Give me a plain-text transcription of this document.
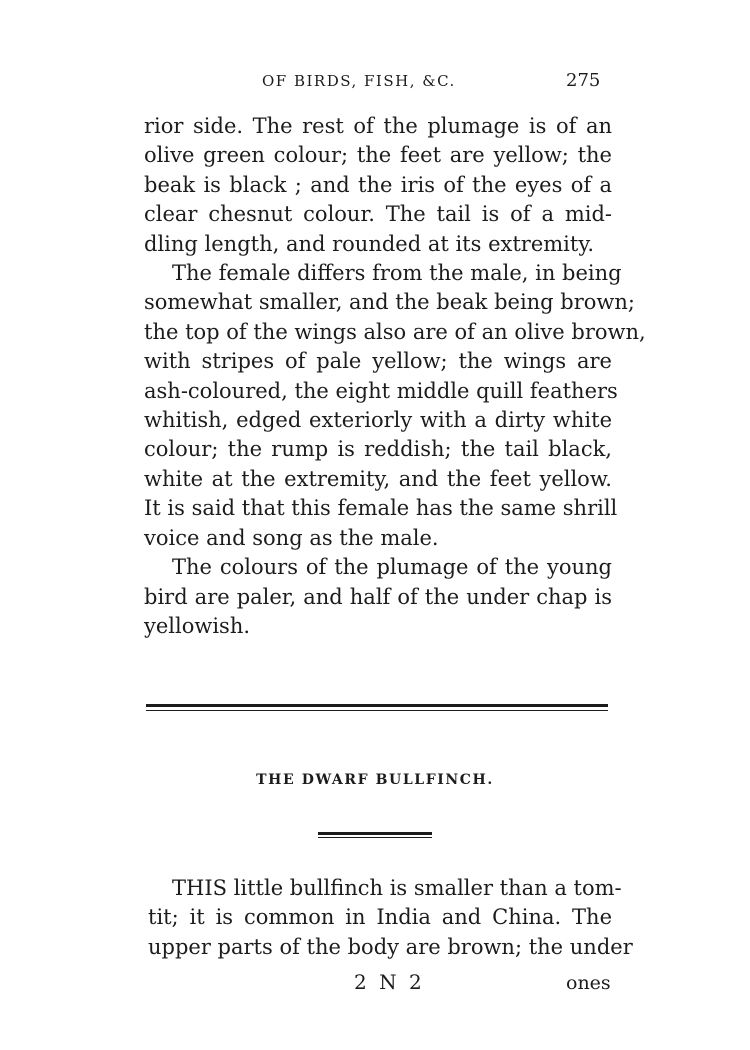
OF BIRDS, FISH, &C.	275

rior side. The rest of the plumage is of an

olive green colour; the feet are yellow; the

beak is black ; and the iris of the eyes of a

clear chesnut colour. The tail is of a mid-

dling length, and rounded at its extremity.

The female differs from the male, in being

somewhat smaller, and the beak being brown;

the top of the wings also are of an olive brown,

with stripes of pale yellow; the wings are

ash-coloured, the eight middle quill feathers

whitish, edged exteriorly with a dirty white

colour; the rump is reddish; the tail black,

white at the extremity, and the feet yellow.

It is said that this female has the same shrill

voice and song as the male.

The colours of the plumage of the young

bird are paler, and half of the under chap is

yellowish.

THE DWARF BULLFINCH.

THIS little bullfinch is smaller than a tom-

tit; it is common in India and China. The

upper parts of the body are brown; the under

2 N 2	ones
